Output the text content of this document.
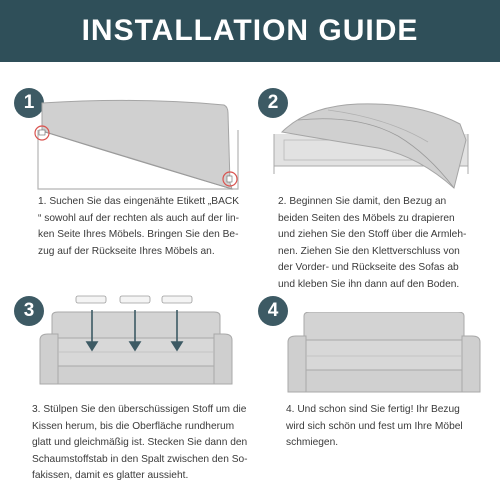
INSTALLATION GUIDE
1
1. Suchen Sie das eingenähte Etikett „BACK
“ sowohl auf der rechten als auch auf der lin-
ken Seite Ihres Möbels. Bringen Sie den Be-
zug auf der Rückseite Ihres Möbels an.
2
2. Beginnen Sie damit, den Bezug an
beiden Seiten des Möbels zu drapieren
und ziehen Sie den Stoff über die Armleh-
nen. Ziehen Sie den Klettverschluss von
der Vorder- und Rückseite des Sofas ab
und kleben Sie ihn dann auf den Boden.
3
3. Stülpen Sie den überschüssigen Stoff um die
Kissen herum, bis die Oberfläche rundherum
glatt und gleichmäßig ist. Stecken Sie dann den
Schaumstoffstab in den Spalt zwischen den So-
fakissen, damit es glatter aussieht.
4
4. Und schon sind Sie fertig! Ihr Bezug
wird sich schön und fest um Ihre Möbel
schmiegen.
